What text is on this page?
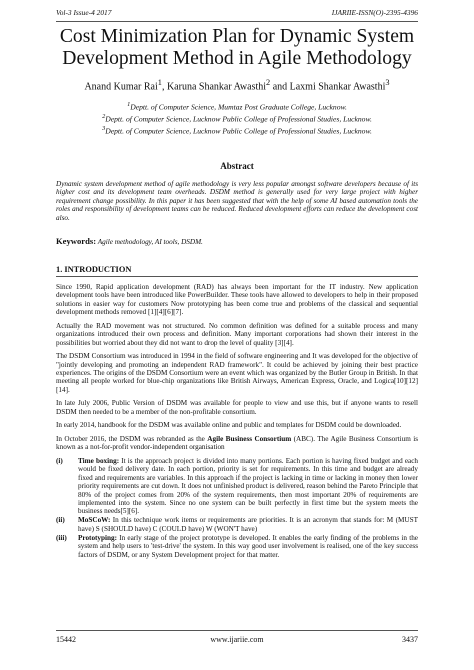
Vol-3 Issue-4 2017	IJARIIE-ISSN(O)-2395-4396
Cost Minimization Plan for Dynamic System
Development Method in Agile Methodology
Anand Kumar Rai$^1$, Karuna Shankar Awasthi$^2$ and Laxmi Shankar Awasthi$^3$
$^1$Deptt. of Computer Science, Mumtaz Post Graduate College, Lucknow.
$^2$Deptt. of Computer Science, Lucknow Public College of Professional Studies, Lucknow.
$^3$Deptt. of Computer Science, Lucknow Public College of Professional Studies, Lucknow.
Abstract
Dynamic system development method of agile methodology is very less popular amongst software developers because of its higher cost and its development team overheads. DSDM method is generally used for very large project with higher requirement change possibility. In this paper it has been suggested that with the help of some AI based automation tools the roles and responsibility of development teams can be reduced. Reduced development efforts can reduce the development cost also.
Keywords: Agile methodology, AI tools, DSDM.
1. INTRODUCTION

Since 1990, Rapid application development (RAD) has always been important for the IT industry. New application development tools have been introduced like PowerBuilder. These tools have allowed to developers to help in their proposed solutions in easier way for customers Now prototyping has been come true and problems of the classical and sequential development methods removed [1][4][6][7].

Actually the RAD movement was not structured. No common definition was defined for a suitable process and many organizations introduced their own process and definition. Many important corporations had shown their interest in the possibilities but worried about they did not want to drop the level of quality [3][4].

The DSDM Consortium was introduced in 1994 in the field of software engineering and It was developed for the objective of "jointly developing and promoting an independent RAD framework". It could be achieved by joining their best practice experiences. The origins of the DSDM Consortium were an event which was organized by the Butler Group in British. In that meeting all people worked for blue-chip organizations like British Airways, American Express, Oracle, and Logica[10][12][14].

In late July 2006, Public Version of DSDM was available for people to view and use this, but if anyone wants to resell DSDM then needed to be a member of the non-profitable consortium.

In early 2014, handbook for the DSDM was available online and public and templates for DSDM could be downloaded.

In October 2016, the DSDM was rebranded as the Agile Business Consortium (ABC). The Agile Business Consortium is known as a not-for-profit vendor-independent organisation

(i) Time boxing: It is the approach project is divided into many portions. Each portion is having fixed budget and each would be fixed delivery date. In each portion, priority is set for requirements. In this time and budget are already fixed and requirements are variables. In this approach if the project is lacking in time or lacking in money then lower priority requirements are cut down. It does not unfinished product is delivered, reason behind the Pareto Principle that 80% of the project comes from 20% of the system requirements, then most important 20% of requirements are implemented into the system. Since no one system can be built perfectly in first time but the system meets the business needs[5][6].
(ii) MoSCoW: In this technique work items or requirements are priorities. It is an acronym that stands for: M (MUST have) S (SHOULD have) C (COULD have) W (WON'T have)
(iii) Prototyping: In early stage of the project prototype is developed. It enables the early finding of the problems in the system and help users to 'test-drive' the system. In this way good user involvement is realised, one of the key success factors of DSDM, or any System Development project for that matter.
15442	www.ijariie.com	3437
